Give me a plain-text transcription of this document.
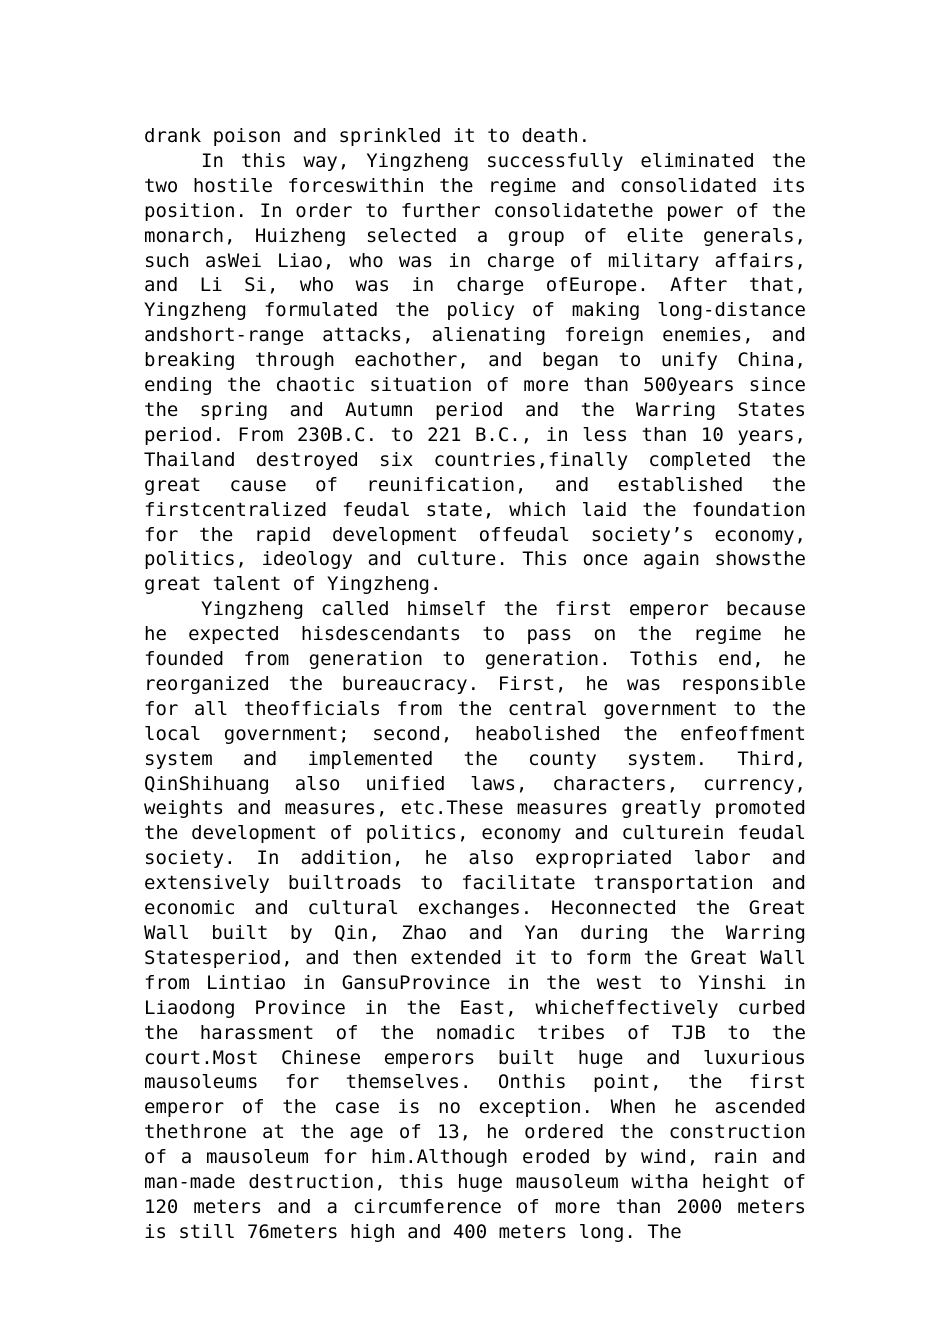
drank poison and sprinkled it to death.

In this way, Yingzheng successfully eliminated the two hostile forceswithin the regime and consolidated its position. In order to further consolidatethe power of the monarch, Huizheng selected a group of elite generals, such asWei Liao, who was in charge of military affairs, and Li Si, who was in charge ofEurope. After that, Yingzheng formulated the policy of making long-distance andshort-range attacks, alienating foreign enemies, and breaking through eachother, and began to unify China, ending the chaotic situation of more than 500years since the spring and Autumn period and the Warring States period. From 230B.C. to 221 B.C., in less than 10 years, Thailand destroyed six countries,finally completed the great cause of reunification, and established the firstcentralized feudal state, which laid the foundation for the rapid development offeudal society’s economy, politics, ideology and culture. This once again showsthe great talent of Yingzheng.

Yingzheng called himself the first emperor because he expected hisdescendants to pass on the regime he founded from generation to generation. Tothis end, he reorganized the bureaucracy. First, he was responsible for all theofficials from the central government to the local government; second, heabolished the enfeoffment system and implemented the county system. Third, QinShihuang also unified laws, characters, currency, weights and measures, etc.These measures greatly promoted the development of politics, economy and culturein feudal society. In addition, he also expropriated labor and extensively builtroads to facilitate transportation and economic and cultural exchanges. Heconnected the Great Wall built by Qin, Zhao and Yan during the Warring Statesperiod, and then extended it to form the Great Wall from Lintiao in GansuProvince in the west to Yinshi in Liaodong Province in the East, whicheffectively curbed the harassment of the nomadic tribes of TJB to the court.Most Chinese emperors built huge and luxurious mausoleums for themselves. Onthis point, the first emperor of the case is no exception. When he ascended thethrone at the age of 13, he ordered the construction of a mausoleum for him.Although eroded by wind, rain and man-made destruction, this huge mausoleum witha height of 120 meters and a circumference of more than 2000 meters is still 76meters high and 400 meters long. The
